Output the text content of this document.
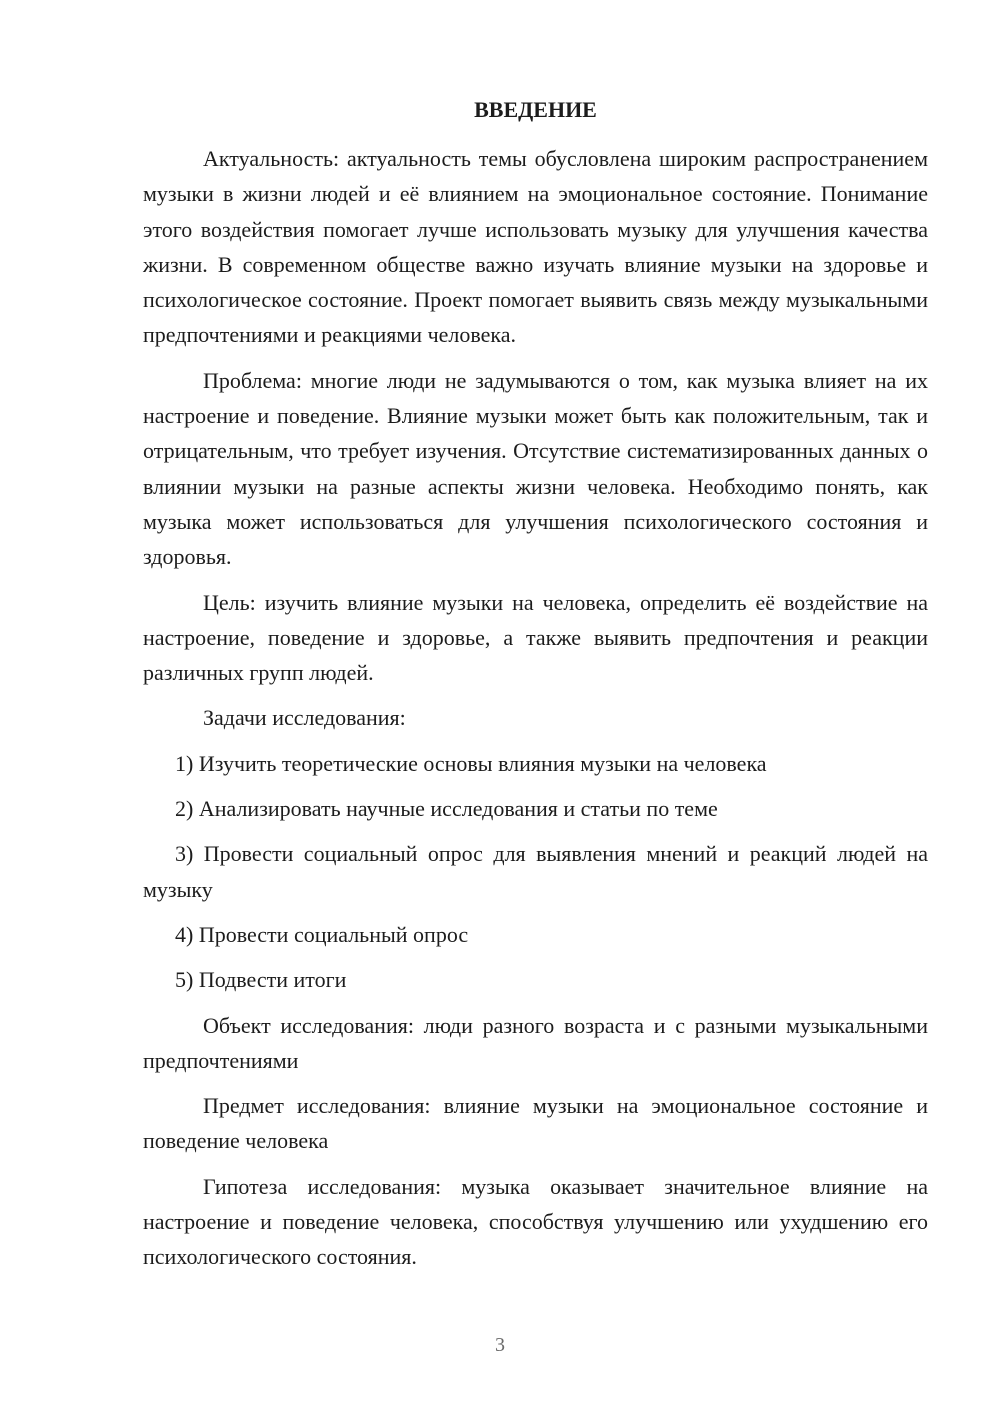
ВВЕДЕНИЕ

Актуальность: актуальность темы обусловлена широким распространением музыки в жизни людей и её влиянием на эмоциональное состояние. Понимание этого воздействия помогает лучше использовать музыку для улучшения качества жизни. В современном обществе важно изучать влияние музыки на здоровье и психологическое состояние. Проект помогает выявить связь между музыкальными предпочтениями и реакциями человека.

Проблема: многие люди не задумываются о том, как музыка влияет на их настроение и поведение. Влияние музыки может быть как положительным, так и отрицательным, что требует изучения. Отсутствие систематизированных данных о влиянии музыки на разные аспекты жизни человека. Необходимо понять, как музыка может использоваться для улучшения психологического состояния и здоровья.

Цель: изучить влияние музыки на человека, определить её воздействие на настроение, поведение и здоровье, а также выявить предпочтения и реакции различных групп людей.

Задачи исследования:

1) Изучить теоретические основы влияния музыки на человека

2) Анализировать научные исследования и статьи по теме

3) Провести социальный опрос для выявления мнений и реакций людей на музыку

4) Провести социальный опрос

5) Подвести итоги

Объект исследования: люди разного возраста и с разными музыкальными предпочтениями

Предмет исследования: влияние музыки на эмоциональное состояние и поведение человека

Гипотеза исследования: музыка оказывает значительное влияние на настроение и поведение человека, способствуя улучшению или ухудшению его психологического состояния.

3
